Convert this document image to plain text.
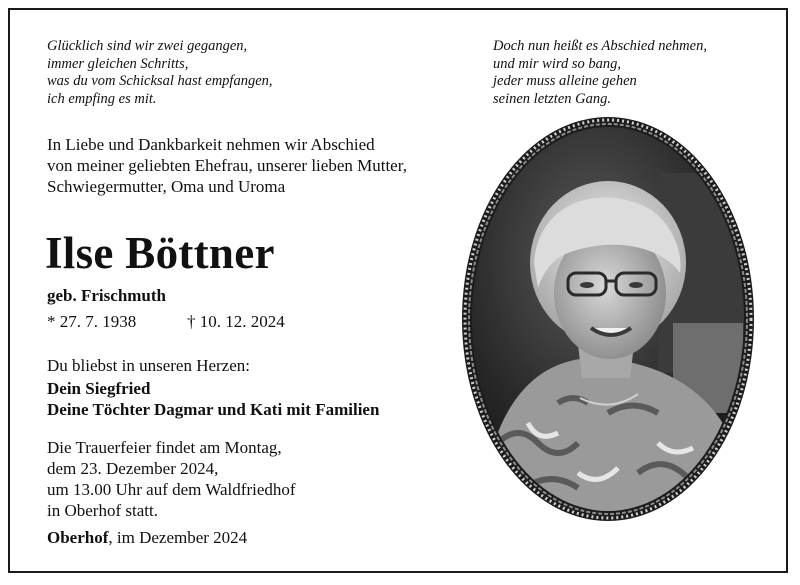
Glücklich sind wir zwei gegangen,
immer gleichen Schritts,
was du vom Schicksal hast empfangen,
ich empfing es mit.
Doch nun heißt es Abschied nehmen,
und mir wird so bang,
jeder muss alleine gehen
seinen letzten Gang.
In Liebe und Dankbarkeit nehmen wir Abschied
von meiner geliebten Ehefrau, unserer lieben Mutter,
Schwiegermutter, Oma und Uroma
Ilse Böttner
geb. Frischmuth
* 27. 7. 1938	† 10. 12. 2024
Du bliebst in unseren Herzen:
Dein Siegfried
Deine Töchter Dagmar und Kati mit Familien
Die Trauerfeier findet am Montag,
dem 23. Dezember 2024,
um 13.00 Uhr auf dem Waldfriedhof
in Oberhof statt.
Oberhof, im Dezember 2024
